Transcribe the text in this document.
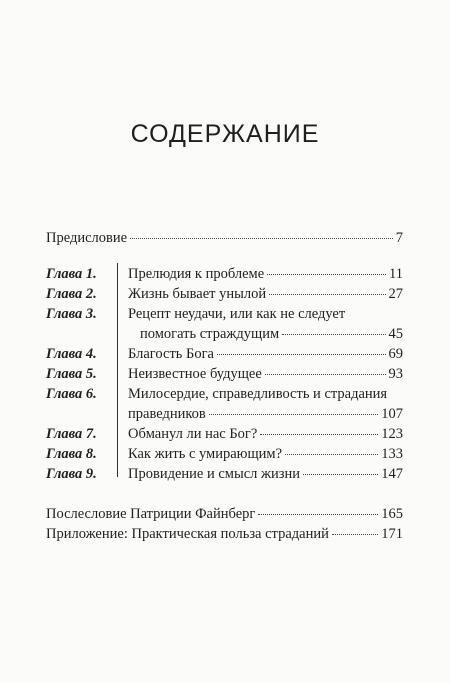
СОДЕРЖАНИЕ
Предисловие	7
Глава 1. Прелюдия к проблеме	11
Глава 2. Жизнь бывает унылой	27
Глава 3. Рецепт неудачи, или как не следует
помогать страждущим	45
Глава 4. Благость Бога	69
Глава 5. Неизвестное будущее	93
Глава 6. Милосердие, справедливость и страдания
праведников	107
Глава 7. Обманул ли нас Бог?	123
Глава 8. Как жить с умирающим?	133
Глава 9. Провидение и смысл жизни	147
Послесловие Патриции Файнберг	165
Приложение: Практическая польза страданий	171
